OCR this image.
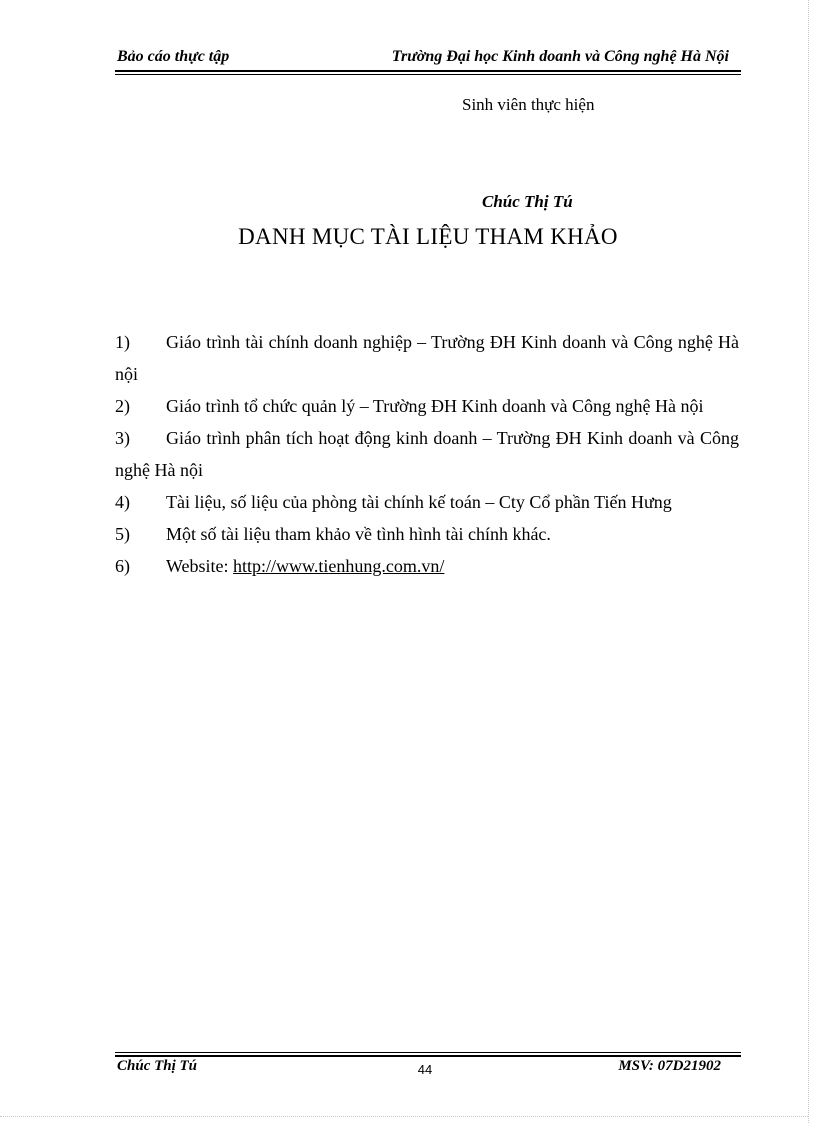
Bảo cáo thực tập	Trường Đại học Kinh doanh và Công nghệ Hà Nội
Sinh viên thực hiện
Chúc Thị Tú
DANH MỤC TÀI LIỆU THAM KHẢO
1) Giáo trình tài chính doanh nghiệp – Trường ĐH Kinh doanh và Công nghệ Hà nội
2) Giáo trình tổ chức quản lý – Trường ĐH Kinh doanh và Công nghệ Hà nội
3) Giáo trình phân tích hoạt động kinh doanh – Trường ĐH Kinh doanh và Công nghệ Hà nội
4) Tài liệu, số liệu của phòng tài chính kế toán – Cty Cổ phần Tiến Hưng
5) Một số tài liệu tham khảo về tình hình tài chính khác.
6) Website: http://www.tienhung.com.vn/
Chúc Thị Tú	44	MSV: 07D21902
